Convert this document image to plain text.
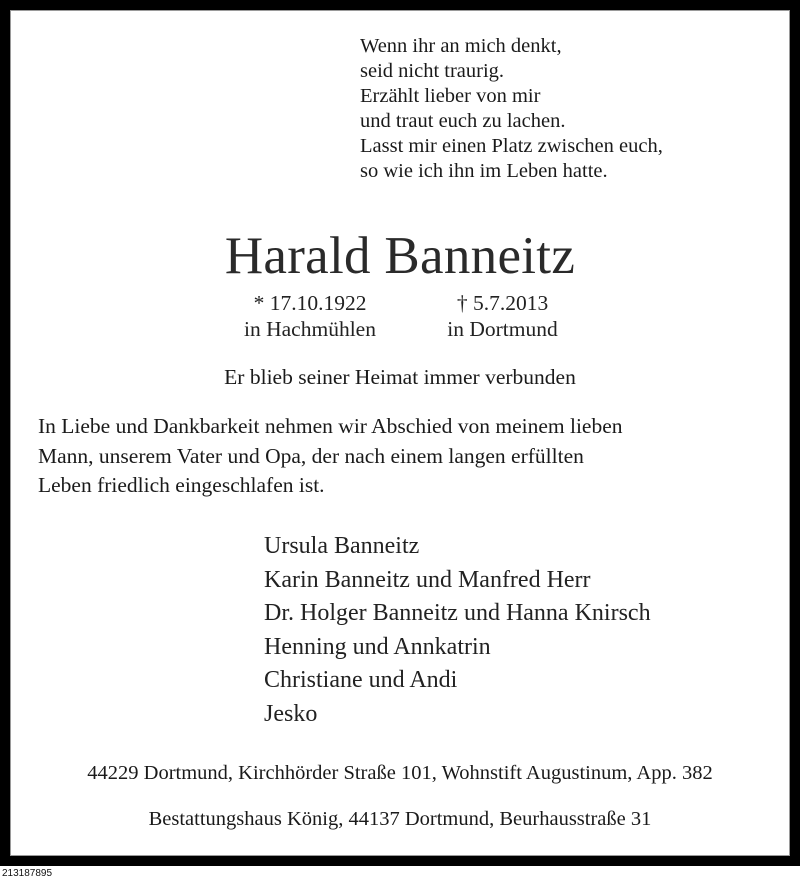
Wenn ihr an mich denkt,
seid nicht traurig.
Erzählt lieber von mir
und traut euch zu lachen.
Lasst mir einen Platz zwischen euch,
so wie ich ihn im Leben hatte.
Harald Banneitz
* 17.10.1922
in Hachmühlen
† 5.7.2013
in Dortmund
Er blieb seiner Heimat immer verbunden
In Liebe und Dankbarkeit nehmen wir Abschied von meinem lieben
Mann, unserem Vater und Opa, der nach einem langen erfüllten
Leben friedlich eingeschlafen ist.
Ursula Banneitz
Karin Banneitz und Manfred Herr
Dr. Holger Banneitz und Hanna Knirsch
Henning und Annkatrin
Christiane und Andi
Jesko
44229 Dortmund, Kirchhörder Straße 101, Wohnstift Augustinum, App. 382
Bestattungshaus König, 44137 Dortmund, Beurhausstraße 31
213187895
